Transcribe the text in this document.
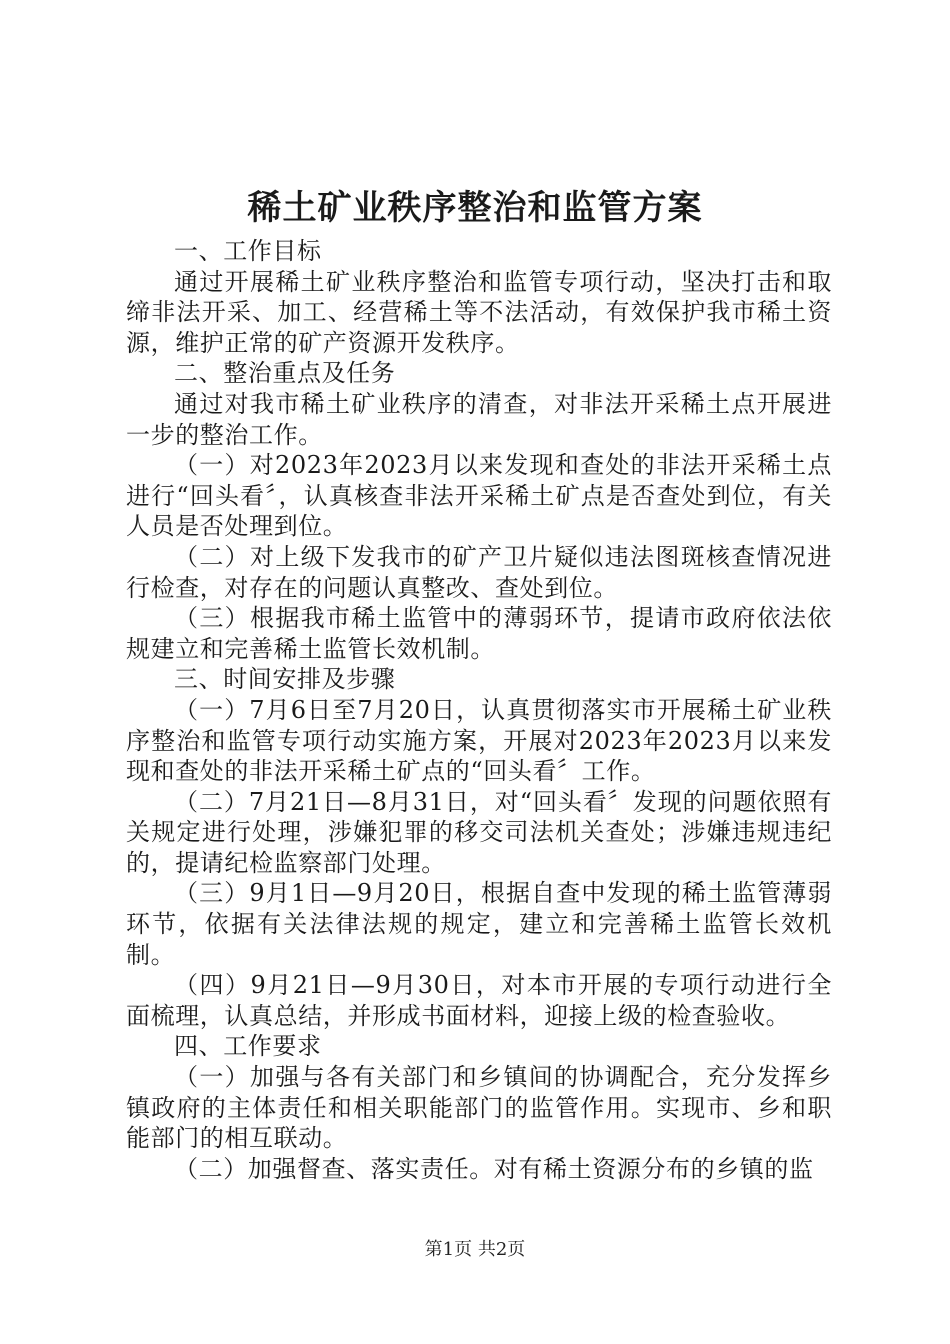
稀土矿业秩序整治和监管方案

一、工作目标

通过开展稀土矿业秩序整治和监管专项行动，坚决打击和取缔非法开采、加工、经营稀土等不法活动，有效保护我市稀土资源，维护正常的矿产资源开发秩序。

二、整治重点及任务

通过对我市稀土矿业秩序的清查，对非法开采稀土点开展进一步的整治工作。

（一）对2023年2023月以来发现和查处的非法开采稀土点进行“回头看〞，认真核查非法开采稀土矿点是否查处到位，有关人员是否处理到位。

（二）对上级下发我市的矿产卫片疑似违法图斑核查情况进行检查，对存在的问题认真整改、查处到位。

（三）根据我市稀土监管中的薄弱环节，提请市政府依法依规建立和完善稀土监管长效机制。

三、时间安排及步骤

（一）7月6日至7月20日，认真贯彻落实市开展稀土矿业秩序整治和监管专项行动实施方案，开展对2023年2023月以来发现和查处的非法开采稀土矿点的“回头看〞工作。

（二）7月21日—8月31日，对“回头看〞发现的问题依照有关规定进行处理，涉嫌犯罪的移交司法机关查处；涉嫌违规违纪的，提请纪检监察部门处理。

（三）9月1日—9月20日，根据自查中发现的稀土监管薄弱环节，依据有关法律法规的规定，建立和完善稀土监管长效机制。

（四）9月21日—9月30日，对本市开展的专项行动进行全面梳理，认真总结，并形成书面材料，迎接上级的检查验收。

四、工作要求

（一）加强与各有关部门和乡镇间的协调配合，充分发挥乡镇政府的主体责任和相关职能部门的监管作用。实现市、乡和职能部门的相互联动。

（二）加强督查、落实责任。对有稀土资源分布的乡镇的监

第1页 共2页
